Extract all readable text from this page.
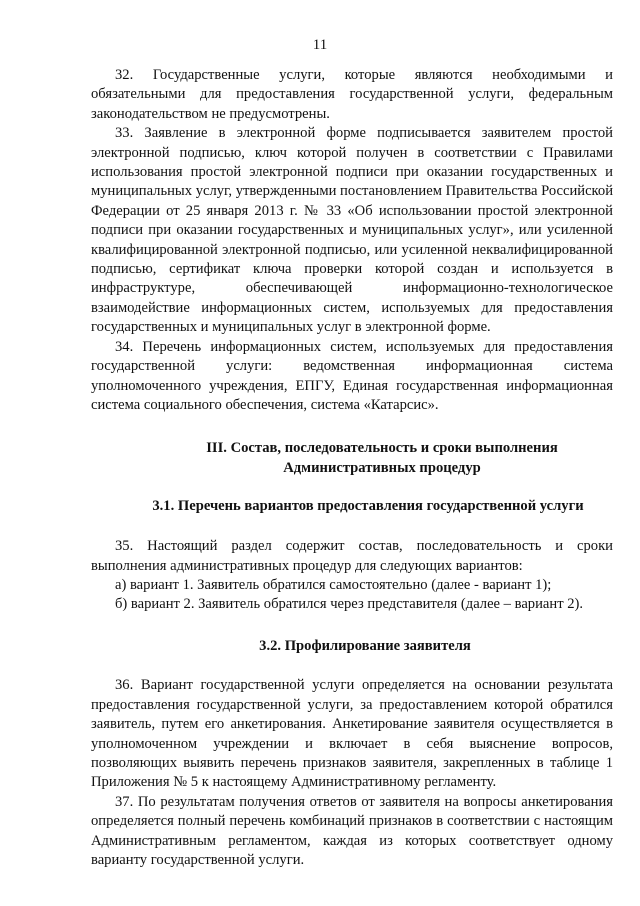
11

32. Государственные услуги, которые являются необходимыми и обязательными для предоставления государственной услуги, федеральным законодательством не предусмотрены.

33. Заявление в электронной форме подписывается заявителем простой электронной подписью, ключ которой получен в соответствии с Правилами использования простой электронной подписи при оказании государственных и муниципальных услуг, утвержденными постановлением Правительства Российской Федерации от 25 января 2013 г. № 33 «Об использовании простой электронной подписи при оказании государственных и муниципальных услуг», или усиленной квалифицированной электронной подписью, или усиленной неквалифицированной подписью, сертификат ключа проверки которой создан и используется в инфраструктуре, обеспечивающей информационно-технологическое взаимодействие информационных систем, используемых для предоставления государственных и муниципальных услуг в электронной форме.

34. Перечень информационных систем, используемых для предоставления государственной услуги: ведомственная информационная система уполномоченного учреждения, ЕПГУ, Единая государственная информационная система социального обеспечения, система «Катарсис».

III. Состав, последовательность и сроки выполнения
Административных процедур

3.1. Перечень вариантов предоставления государственной услуги

35. Настоящий раздел содержит состав, последовательность и сроки выполнения административных процедур для следующих вариантов:

а) вариант 1. Заявитель обратился самостоятельно (далее - вариант 1);

б) вариант 2. Заявитель обратился через представителя (далее – вариант 2).

3.2. Профилирование заявителя

36. Вариант государственной услуги определяется на основании результата предоставления государственной услуги, за предоставлением которой обратился заявитель, путем его анкетирования. Анкетирование заявителя осуществляется в уполномоченном учреждении и включает в себя выяснение вопросов, позволяющих выявить перечень признаков заявителя, закрепленных в таблице 1 Приложения № 5 к настоящему Административному регламенту.

37. По результатам получения ответов от заявителя на вопросы анкетирования определяется полный перечень комбинаций признаков в соответствии с настоящим Административным регламентом, каждая из которых соответствует одному варианту государственной услуги.
